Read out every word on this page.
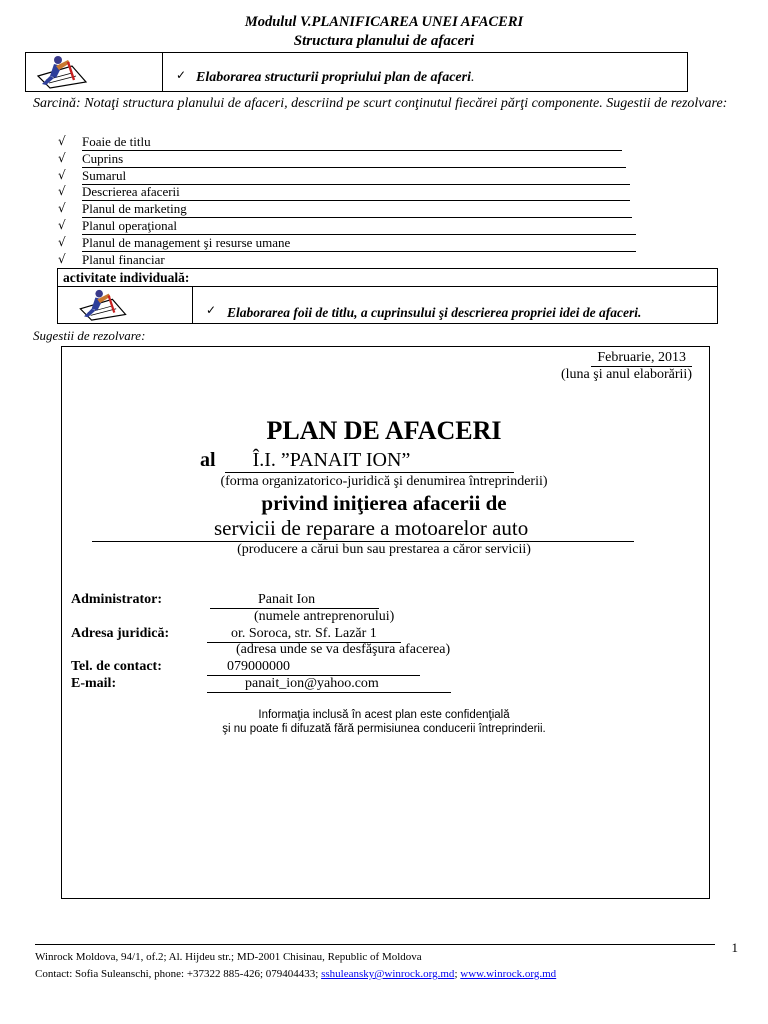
Modulul V.PLANIFICAREA UNEI AFACERI
Structura planului de afaceri
✓ Elaborarea structurii propriului plan de afaceri.
Sarcină: Notaţi structura planului de afaceri, descriind pe scurt conţinutul fiecărei părţi componente. Sugestii de rezolvare:
√ Foaie de titlu
√ Cuprins
√ Sumarul
√ Descrierea afacerii
√ Planul de marketing
√ Planul operaţional
√ Planul de management şi resurse umane
√ Planul financiar
activitate individuală:
✓ Elaborarea foii de titlu, a cuprinsului şi descrierea propriei idei de afaceri.
Sugestii de rezolvare:
Februarie, 2013
(luna şi anul elaborării)
PLAN DE AFACERI
al Î.I. ”PANAIT ION”
(forma organizatorico-juridică şi denumirea întreprinderii)
privind iniţierea afacerii de
servicii de reparare a motoarelor auto
(producere a cărui bun sau prestarea a căror servicii)
Administrator:	Panait Ion
(numele antreprenorului)
Adresa juridică:	or. Soroca, str. Sf. Lazăr 1
(adresa unde se va desfăşura afacerea)
Tel. de contact:	079000000
E-mail:	panait_ion@yahoo.com
Informaţia inclusă în acest plan este confidenţială
şi nu poate fi difuzată fără permisiunea conducerii întreprinderii.
1
Winrock Moldova, 94/1, of.2; Al. Hijdeu str.; MD-2001 Chisinau, Republic of Moldova
Contact: Sofia Suleanschi, phone: +37322 885-426; 079404433; sshuleansky@winrock.org.md; www.winrock.org.md
